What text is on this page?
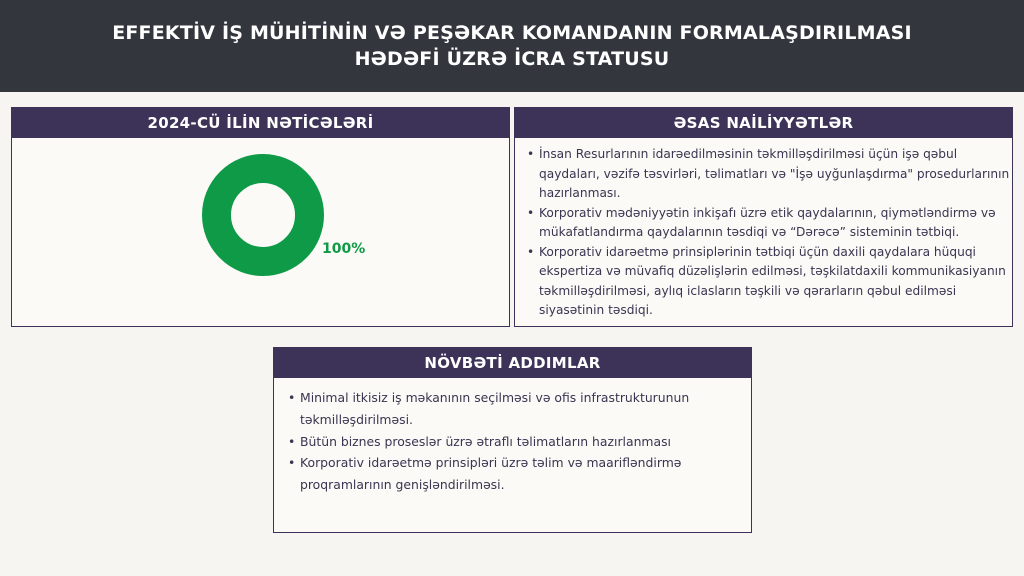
EFFEKTİV İŞ MÜHİTİNİN VƏ PEŞƏKAR KOMANDANIN FORMALAŞDIRILMASI
HƏDƏFİ ÜZRƏ İCRA STATUSU
2024-CÜ İLİN NƏTİCƏLƏRİ
100%
ƏSAS NAİLİYYƏTLƏR
• İnsan Resurlarının idarəedilməsinin təkmilləşdirilməsi üçün işə qəbul qaydaları, vəzifə təsvirləri, təlimatları və "İşə uyğunlaşdırma" prosedurlarının hazırlanması.
• Korporativ mədəniyyətin inkişafı üzrə etik qaydalarının, qiymətləndirmə və mükafatlandırma qaydalarının təsdiqi və “Dərəcə” sisteminin tətbiqi.
• Korporativ idarəetmə prinsiplərinin tətbiqi üçün daxili qaydalara hüquqi ekspertiza və müvafiq düzəlişlərin edilməsi, təşkilatdaxili kommunikasiyanın təkmilləşdirilməsi, aylıq iclasların təşkili və qərarların qəbul edilməsi siyasətinin təsdiqi.
NÖVBƏTİ ADDIMLAR
• Minimal itkisiz iş məkanının seçilməsi və ofis infrastrukturunun təkmilləşdirilməsi.
• Bütün biznes proseslər üzrə ətraflı təlimatların hazırlanması
• Korporativ idarəetmə prinsipləri üzrə təlim və maarifləndirmə proqramlarının genişləndirilməsi.
